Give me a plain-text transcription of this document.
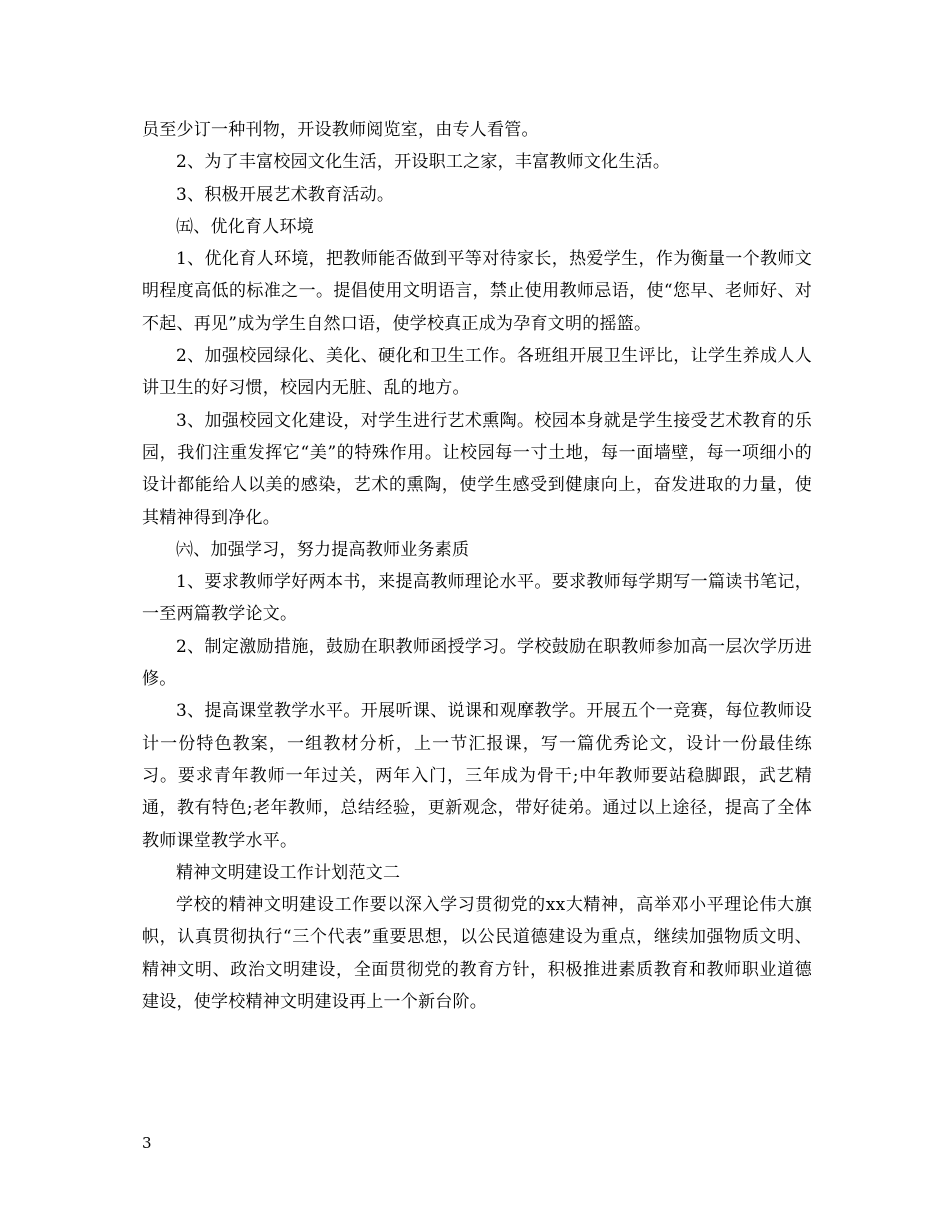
员至少订一种刊物，开设教师阅览室，由专人看管。

2、为了丰富校园文化生活，开设职工之家，丰富教师文化生活。

3、积极开展艺术教育活动。

㈤、优化育人环境

1、优化育人环境，把教师能否做到平等对待家长，热爱学生，作为衡量一个教师文明程度高低的标准之一。提倡使用文明语言，禁止使用教师忌语，使“您早、老师好、对不起、再见”成为学生自然口语，使学校真正成为孕育文明的摇篮。

2、加强校园绿化、美化、硬化和卫生工作。各班组开展卫生评比，让学生养成人人讲卫生的好习惯，校园内无脏、乱的地方。

3、加强校园文化建设，对学生进行艺术熏陶。校园本身就是学生接受艺术教育的乐园，我们注重发挥它“美”的特殊作用。让校园每一寸土地，每一面墙壁，每一项细小的设计都能给人以美的感染，艺术的熏陶，使学生感受到健康向上，奋发进取的力量，使其精神得到净化。

㈥、加强学习，努力提高教师业务素质

1、要求教师学好两本书，来提高教师理论水平。要求教师每学期写一篇读书笔记，一至两篇教学论文。

2、制定激励措施，鼓励在职教师函授学习。学校鼓励在职教师参加高一层次学历进修。

3、提高课堂教学水平。开展听课、说课和观摩教学。开展五个一竞赛，每位教师设计一份特色教案，一组教材分析，上一节汇报课，写一篇优秀论文，设计一份最佳练习。要求青年教师一年过关，两年入门，三年成为骨干;中年教师要站稳脚跟，武艺精通，教有特色;老年教师，总结经验，更新观念，带好徒弟。通过以上途径，提高了全体教师课堂教学水平。

精神文明建设工作计划范文二

学校的精神文明建设工作要以深入学习贯彻党的xx大精神，高举邓小平理论伟大旗帜，认真贯彻执行“三个代表”重要思想，以公民道德建设为重点，继续加强物质文明、精神文明、政治文明建设，全面贯彻党的教育方针，积极推进素质教育和教师职业道德建设，使学校精神文明建设再上一个新台阶。

3
